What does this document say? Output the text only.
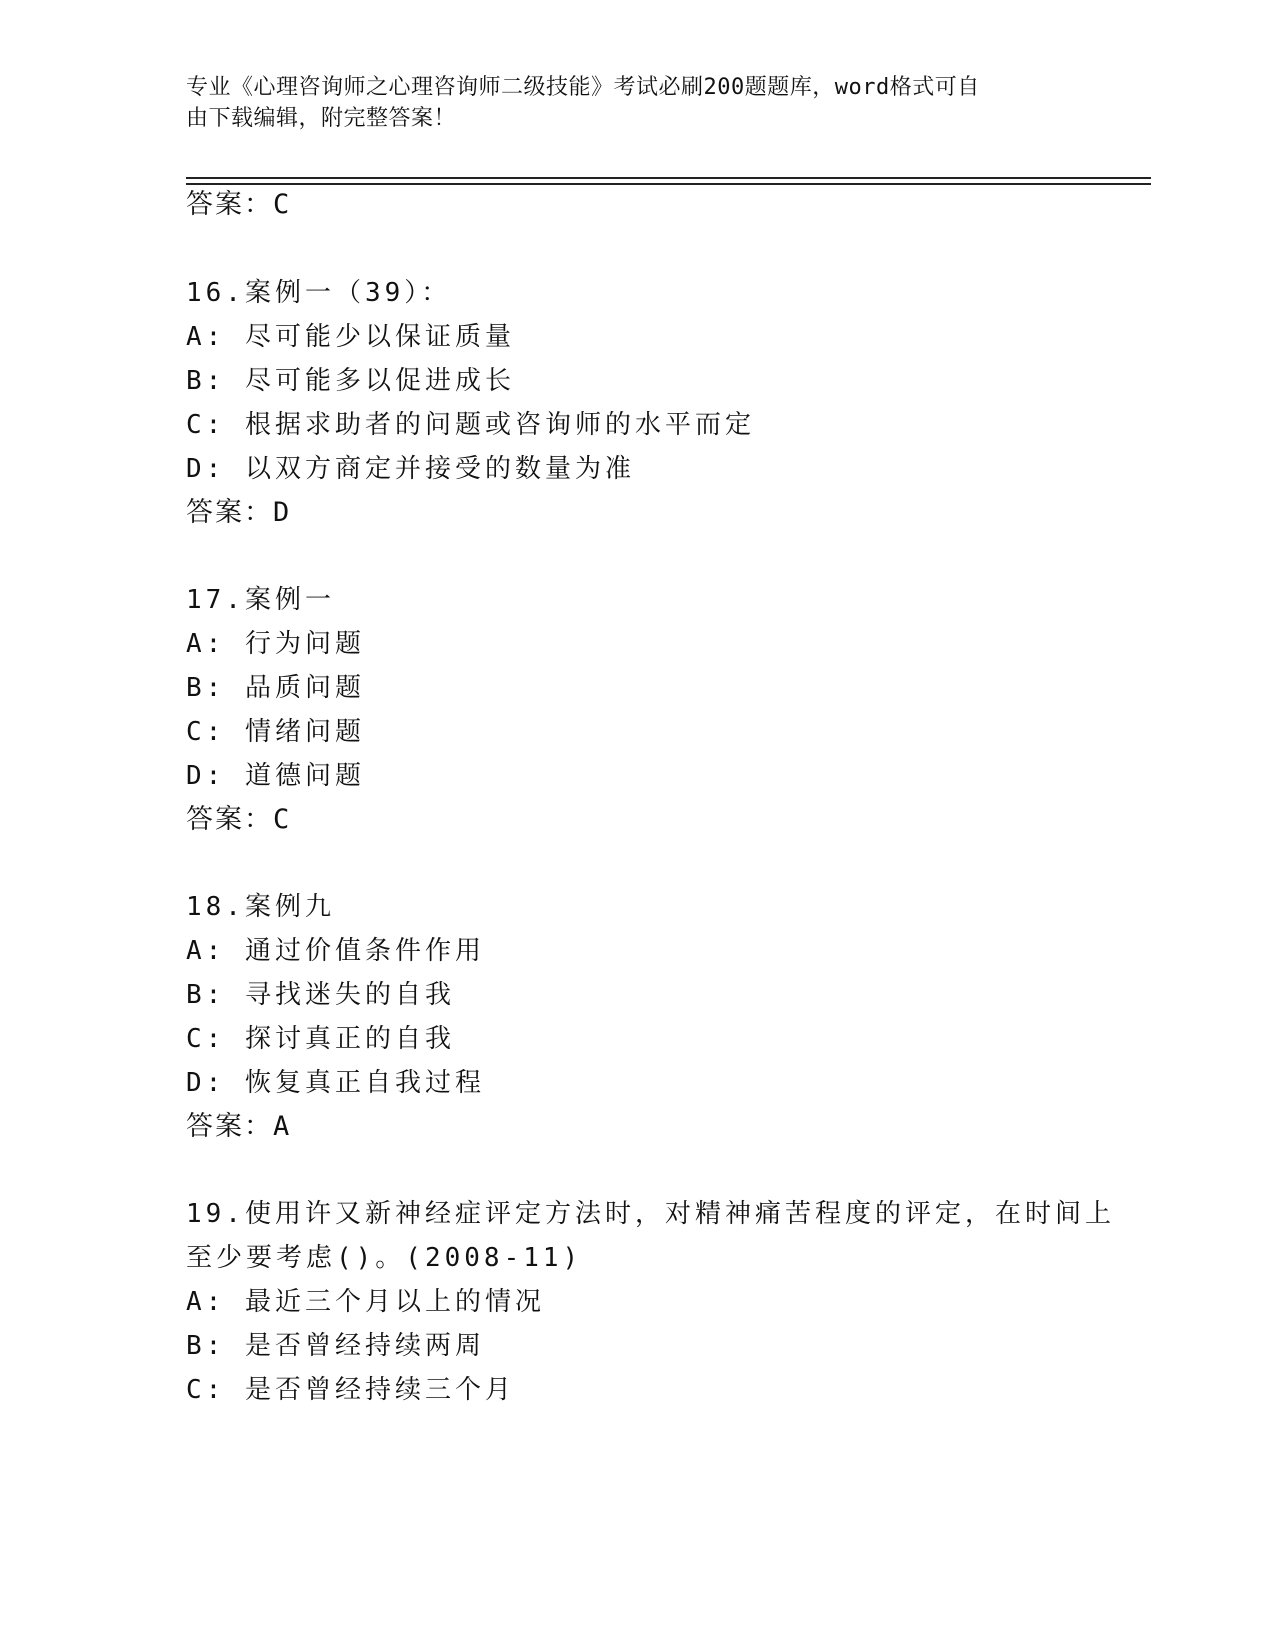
专业《心理咨询师之心理咨询师二级技能》考试必刷200题题库，word格式可自

由下载编辑，附完整答案！

答案：C
16.案例一（39）：
A: 尽可能少以保证质量
B: 尽可能多以促进成长
C: 根据求助者的问题或咨询师的水平而定
D: 以双方商定并接受的数量为准
答案：D
17.案例一
A: 行为问题
B: 品质问题
C: 情绪问题
D: 道德问题
答案：C
18.案例九
A: 通过价值条件作用
B: 寻找迷失的自我
C: 探讨真正的自我
D: 恢复真正自我过程
答案：A
19.使用许又新神经症评定方法时，对精神痛苦程度的评定，在时间上
至少要考虑()。(2008-11)
A: 最近三个月以上的情况
B: 是否曾经持续两周
C: 是否曾经持续三个月
